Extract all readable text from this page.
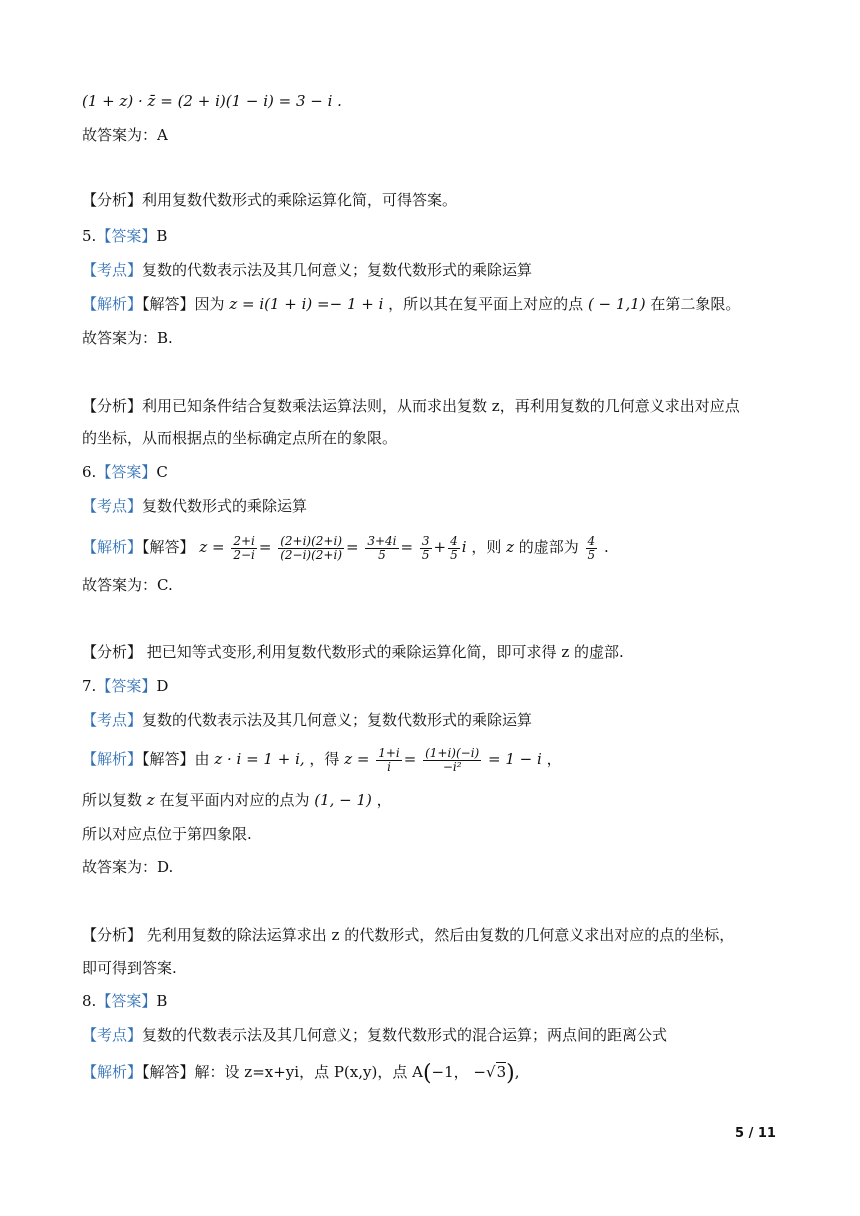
(1 + z) · z̄ = (2 + i)(1 − i) = 3 − i .
故答案为：A
【分析】利用复数代数形式的乘除运算化简，可得答案。
5.【答案】B
【考点】复数的代数表示法及其几何意义；复数代数形式的乘除运算
【解析】【解答】因为 z = i(1 + i) =− 1 + i ，所以其在复平面上对应的点 ( − 1,1) 在第二象限。
故答案为：B.
【分析】利用已知条件结合复数乘法运算法则，从而求出复数 z，再利用复数的几何意义求出对应点
的坐标，从而根据点的坐标确定点所在的象限。
6.【答案】C
【考点】复数代数形式的乘除运算
【解析】【解答】 $z = \frac{2+i}{2-i} = \frac{(2+i)(2+i)}{(2-i)(2+i)} = \frac{3+4i}{5} = \frac{3}{5} + \frac{4}{5}$ i ，则 z 的虚部为 $\frac{4}{5}$ .
故答案为：C.
【分析】 把已知等式变形,利用复数代数形式的乘除运算化简，即可求得 z 的虚部.
7.【答案】D
【考点】复数的代数表示法及其几何意义；复数代数形式的乘除运算
【解析】【解答】由 z · i = 1 + i, ，得 $z = \frac{1+i}{i} = \frac{(1+i)(-i)}{\text{−i²}} = 1 - i$ ，
所以复数 z 在复平面内对应的点为 (1, − 1) ，
所以对应点位于第四象限.
故答案为：D.
【分析】 先利用复数的除法运算求出 z 的代数形式，然后由复数的几何意义求出对应的点的坐标，
即可得到答案.
8.【答案】B
【考点】复数的代数表示法及其几何意义；复数代数形式的混合运算；两点间的距离公式
【解析】【解答】解：设 z=x+yi，点 P(x,y)，点 A(−1， −√3),
5 / 11
